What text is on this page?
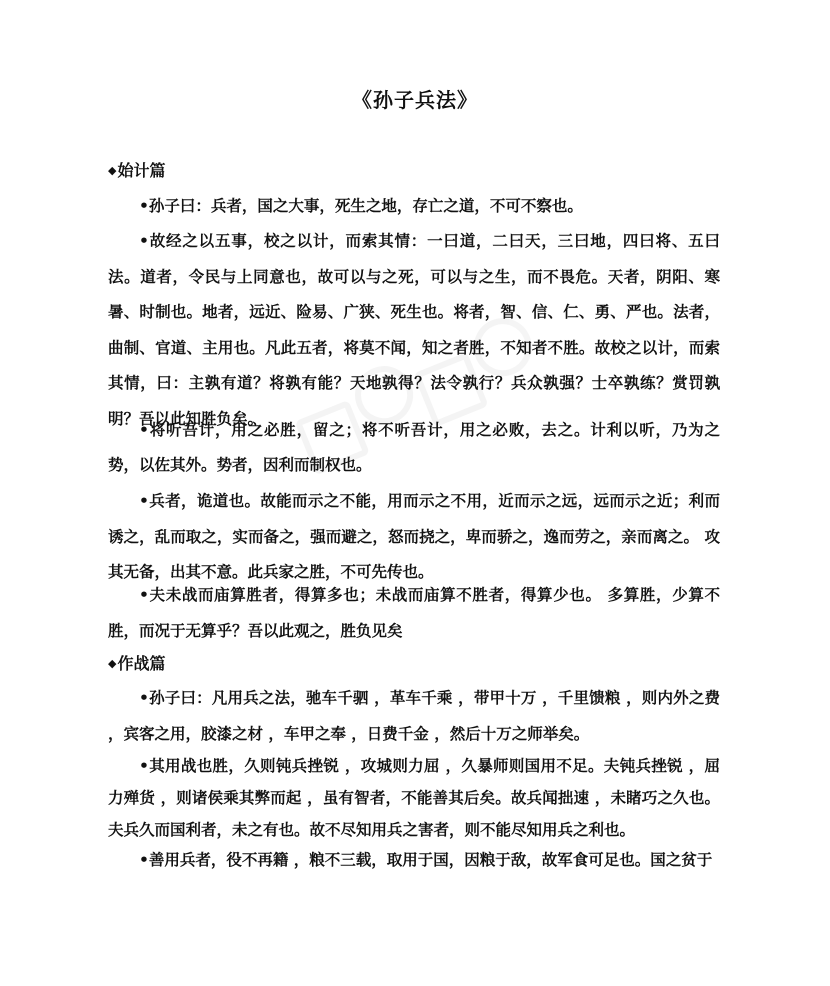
《孙子兵法》
◆始计篇

•孙子曰：兵者，国之大事，死生之地，存亡之道，不可不察也。

•故经之以五事，校之以计，而索其情：一曰道，二曰天，三曰地，四曰将、五曰法。道者，令民与上同意也，故可以与之死，可以与之生，而不畏危。天者，阴阳、寒暑、时制也。地者，远近、险易、广狭、死生也。将者，智、信、仁、勇、严也。法者，曲制、官道、主用也。凡此五者，将莫不闻，知之者胜，不知者不胜。故校之以计，而索其情，曰：主孰有道？将孰有能？天地孰得？法令孰行？兵众孰强？士卒孰练？赏罚孰明？吾以此知胜负矣。

•将听吾计，用之必胜，留之；将不听吾计，用之必败，去之。计利以听，乃为之势，以佐其外。势者，因利而制权也。

•兵者，诡道也。故能而示之不能，用而示之不用，近而示之远，远而示之近；利而诱之，乱而取之，实而备之，强而避之，怒而挠之，卑而骄之，逸而劳之，亲而离之。 攻其无备，出其不意。此兵家之胜，不可先传也。

•夫未战而庙算胜者，得算多也；未战而庙算不胜者，得算少也。 多算胜，少算不胜，而况于无算乎？吾以此观之，胜负见矣

◆作战篇

•孙子曰：凡用兵之法，驰车千驷 ，革车千乘 ，带甲十万 ，千里馈粮 ，则内外之费 ，宾客之用，胶漆之材 ，车甲之奉 ，日费千金 ，然后十万之师举矣。

•其用战也胜，久则钝兵挫锐 ，攻城则力屈 ，久暴师则国用不足。夫钝兵挫锐 ，屈力殚货 ，则诸侯乘其弊而起 ，虽有智者，不能善其后矣。故兵闻拙速 ，未睹巧之久也。 夫兵久而国利者，未之有也。故不尽知用兵之害者，则不能尽知用兵之利也。

•善用兵者，役不再籍 ，粮不三载，取用于国，因粮于敌，故军食可足也。国之贫于
